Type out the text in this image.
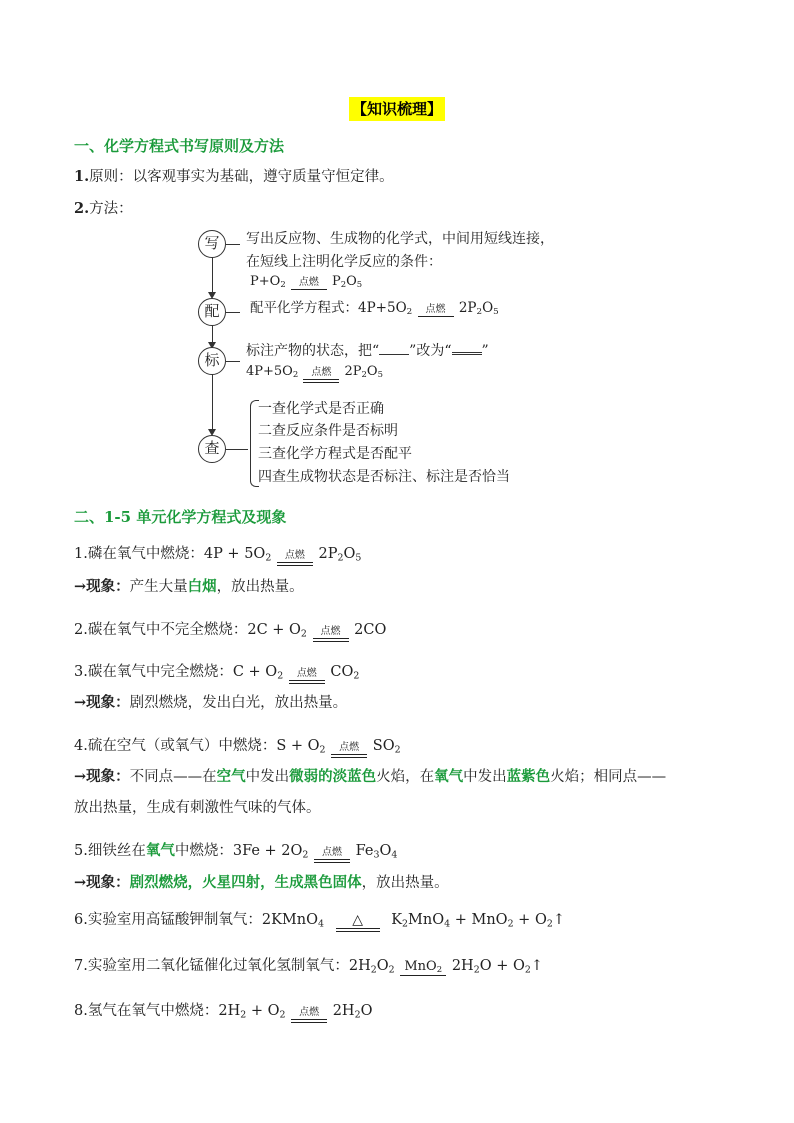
【知识梳理】
一、化学方程式书写原则及方法
1.原则：以客观事实为基础，遵守质量守恒定律。
2.方法：
写
配
标
查
写出反应物、生成物的化学式，中间用短线连接，
在短线上注明化学反应的条件：
$P+O_2$	点燃	$P_2O_5$
配平化学方程式：$4P+5O_2$	点燃 $2P_2O_5$
标注产物的状态，把“ ”改为“ ”
$4P+5O_2$	点燃	$2P_2O_5$
一查化学式是否正确
二查反应条件是否标明
三查化学方程式是否配平
四查生成物状态是否标注、标注是否恰当
二、1-5 单元化学方程式及现象
1.磷在氧气中燃烧：$4P + 5O_2$	点燃 $2P_2O_5$
→现象：产生大量白烟，放出热量。
2.碳在氧气中不完全燃烧：$2C + O_2$	点燃 2CO
3.碳在氧气中完全燃烧：$C + O_2$	点燃 $CO_2$
→现象：剧烈燃烧，发出白光，放出热量。
4.硫在空气（或氧气）中燃烧：$S + O_2$	点燃 $SO_2$
→现象：不同点——在空气中发出微弱的淡蓝色火焰，在氧气中发出蓝紫色火焰；相同点——
放出热量，生成有刺激性气味的气体。
5.细铁丝在氧气中燃烧：$3Fe + 2O_2$	点燃 $Fe_3O_4$
→现象：剧烈燃烧，火星四射，生成黑色固体，放出热量。
6.实验室用高锰酸钾制氧气：2KMnO$_4$	△	$K_2MnO_4 + MnO_2$ + $O_2↑$
7.实验室用二氧化锰催化过氧化氢制氧气：$2H_2O_2$ MnO$_2$ $2H_2O$ + $O_2↑$
8.氢气在氧气中燃烧：$2H_2 + O_2$	点燃 $2H_2O$
